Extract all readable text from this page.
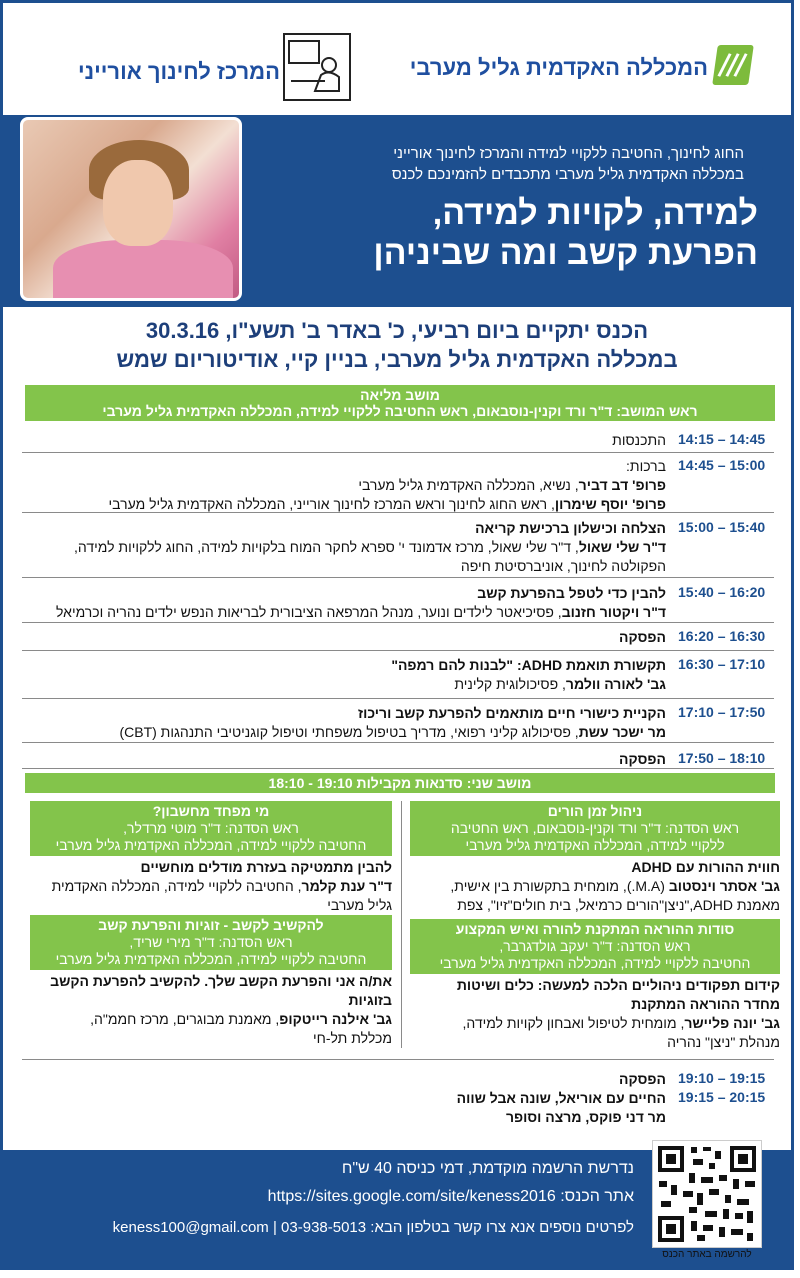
המרכז לחינוך אורייני	המכללה האקדמית גליל מערבי
החוג לחינוך, החטיבה ללקויי למידה והמרכז לחינוך אורייני
במכללה האקדמית גליל מערבי מתכבדים להזמינכם לכנס
למידה, לקויות למידה,
הפרעת קשב ומה שביניהן
הכנס יתקיים ביום רביעי, כ' באדר ב' תשע"ו, 30.3.16
במכללה האקדמית גליל מערבי, בניין קיי, אודיטוריום שמש
מושב מליאה
ראש המושב: ד"ר ורד וקנין-נוסבאום, ראש החטיבה ללקויי למידה, המכללה האקדמית גליל מערבי
14:15 – 14:45
התכנסות
14:45 – 15:00
ברכות:
פרופ' דב דביר, נשיא, המכללה האקדמית גליל מערבי
פרופ' יוסף שימרון, ראש החוג לחינוך וראש המרכז לחינוך אורייני, המכללה האקדמית גליל מערבי
15:00 – 15:40
הצלחה וכישלון ברכישת קריאה
ד"ר שלי שאול, ד"ר שלי שאול, מרכז אדמונד י' ספרא לחקר המוח בלקויות למידה, החוג ללקויות למידה,
הפקולטה לחינוך, אוניברסיטת חיפה
15:40 – 16:20
להבין כדי לטפל בהפרעת קשב
ד"ר ויקטור חזנוב, פסיכיאטר לילדים ונוער, מנהל המרפאה הציבורית לבריאות הנפש ילדים נהריה וכרמיאל
16:20 – 16:30
הפסקה
16:30 – 17:10
תקשורת תואמת ADHD: "לבנות להם רמפה"
גב' לאורה וולמר, פסיכולוגית קלינית
17:10 – 17:50
הקניית כישורי חיים מותאמים להפרעת קשב וריכוז
מר ישכר עשת, פסיכולוג קליני רפואי, מדריך בטיפול משפחתי וטיפול קוגניטיבי התנהגות (CBT)
17:50 – 18:10
הפסקה
מושב שני: סדנאות מקבילות 19:10 - 18:10
ניהול זמן הורים
ראש הסדנה: ד"ר ורד וקנין-נוסבאום, ראש החטיבה
ללקויי למידה, המכללה האקדמית גליל מערבי
חווית ההורות עם ADHD
גב' אסתר וינסטוב (M.A.), מומחית בתקשורת בין אישית,
מאמנת ADHD,"ניצן"הורים כרמיאל, בית חולים"זיו", צפת
מי מפחד מחשבון?
ראש הסדנה: ד"ר מוטי מרדלר,
החטיבה ללקויי למידה, המכללה האקדמית גליל מערבי
להבין מתמטיקה בעזרת מודלים מוחשיים
ד"ר ענת קלמר, החטיבה ללקויי למידה, המכללה האקדמית
גליל מערבי
סודות ההוראה המתקנת להורה ואיש המקצוע
ראש הסדנה: ד"ר יעקב גולדגרבר,
החטיבה ללקויי למידה, המכללה האקדמית גליל מערבי
קידום תפקודים ניהוליים הלכה למעשה: כלים ושיטות
מחדר ההוראה המתקנת
גב' יונה פליישר, מומחית לטיפול ואבחון לקויות למידה,
מנהלת "ניצן" נהריה
להקשיב לקשב - זוגיות והפרעת קשב
ראש הסדנה: ד"ר מירי שריד,
החטיבה ללקויי למידה, המכללה האקדמית גליל מערבי
את/ה אני והפרעת הקשב שלך. להקשיב להפרעת הקשב
בזוגיות
גב' אילנה רייטקופ, מאמנת מבוגרים, מרכז חממ"ה,
מכללת תל-חי
19:10 – 19:15
הפסקה
19:15 – 20:15
החיים עם אוריאל, שונה אבל שווה
מר דני פוקס, מרצה וסופר
נדרשת הרשמה מוקדמת, דמי כניסה 40 ש"ח
אתר הכנס: https://sites.google.com/site/keness2016
לפרטים נוספים אנא צרו קשר בטלפון הבא: 03-938-5013 | keness100@gmail.com
להרשמה באתר הכנס
